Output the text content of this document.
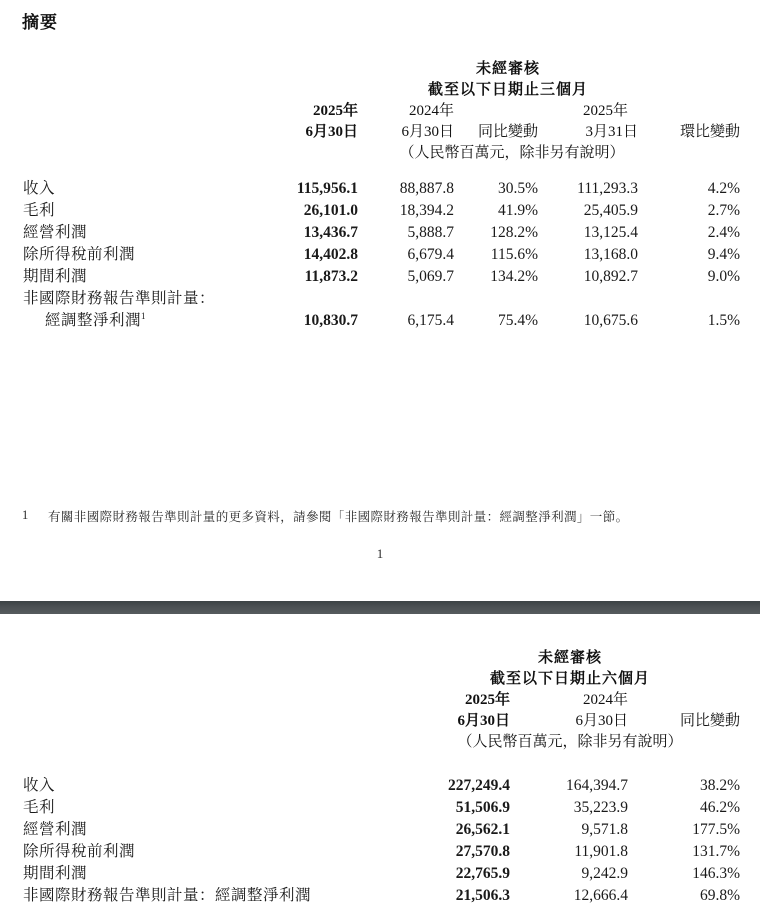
摘要
未經審核
截至以下日期止三個月
2025年	2024年	2025年
6月30日	6月30日	同比變動	3月31日	環比變動
（人民幣百萬元，除非另有說明）
收入	115,956.1	88,887.8	30.5%	111,293.3	4.2%
毛利	26,101.0	18,394.2	41.9%	25,405.9	2.7%
經營利潤	13,436.7	5,888.7	128.2%	13,125.4	2.4%
除所得稅前利潤	14,402.8	6,679.4	115.6%	13,168.0	9.4%
期間利潤	11,873.2	5,069.7	134.2%	10,892.7	9.0%
非國際財務報告準則計量：					
經調整淨利潤$^1$	10,830.7	6,175.4	75.4%	10,675.6	1.5%
1 有關非國際財務報告準則計量的更多資料，請參閱「非國際財務報告準則計量：經調整淨利潤」一節。
1
未經審核
截至以下日期止六個月
2025年	2024年
6月30日	6月30日	同比變動
（人民幣百萬元，除非另有說明）
收入	227,249.4	164,394.7	38.2%
毛利	51,506.9	35,223.9	46.2%
經營利潤	26,562.1	9,571.8	177.5%
除所得稅前利潤	27,570.8	11,901.8	131.7%
期間利潤	22,765.9	9,242.9	146.3%
非國際財務報告準則計量：經調整淨利潤	21,506.3	12,666.4	69.8%
